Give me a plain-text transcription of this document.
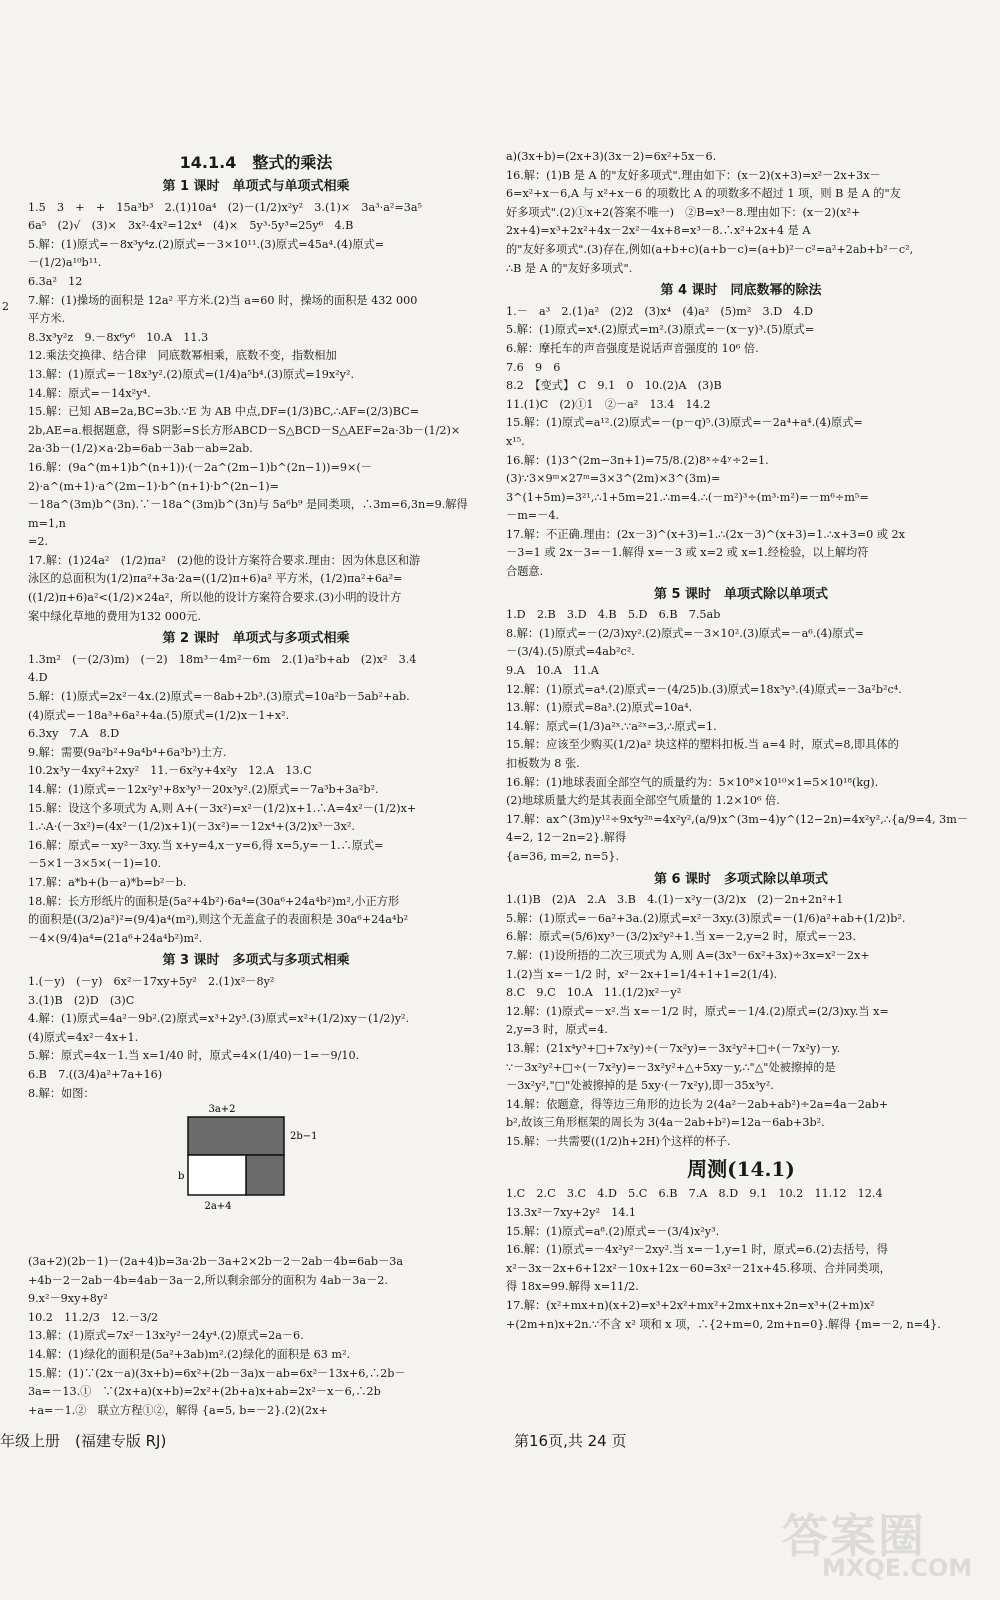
2
14.1.4　整式的乘法
第 1 课时　单项式与单项式相乘
1.5　3　+　+　15a³b³　2.(1)10a⁴　(2)－(1/2)x²y²　3.(1)×　3a³·a²=3a⁵
6a⁵　(2)√　(3)×　3x²·4x²=12x⁴　(4)×　5y³·5y³=25y⁶　4.B
5.解：(1)原式=－8x³y⁴z.(2)原式=－3×10¹¹.(3)原式=45a⁴.(4)原式=
－(1/2)a¹⁰b¹¹.
6.3a²　12
7.解：(1)操场的面积是 12a² 平方米.(2)当 a=60 时，操场的面积是 432 000
平方米.
8.3x³y²z　9.－8x⁶y⁶　10.A　11.3
12.乘法交换律、结合律　同底数幂相乘，底数不变，指数相加
13.解：(1)原式=－18x³y².(2)原式=(1/4)a⁵b⁴.(3)原式=19x²y².
14.解：原式=－14x²y⁴.
15.解：已知 AB=2a,BC=3b.∵E 为 AB 中点,DF=(1/3)BC,∴AF=(2/3)BC=
2b,AE=a.根据题意，得 S阴影=S长方形ABCD－S△BCD－S△AEF=2a·3b－(1/2)×
2a·3b－(1/2)×a·2b=6ab－3ab－ab=2ab.
16.解：(9a^(m+1)b^(n+1))·(－2a^(2m−1)b^(2n−1))=9×(－2)·a^(m+1)·a^(2m−1)·b^(n+1)·b^(2n−1)=
－18a^(3m)b^(3n).∵－18a^(3m)b^(3n)与 5a⁶b⁹ 是同类项，∴3m=6,3n=9.解得 m=1,n
=2.
17.解：(1)24a²　(1/2)πa²　(2)他的设计方案符合要求.理由：因为休息区和游
泳区的总面积为(1/2)πa²+3a·2a=((1/2)π+6)a² 平方米，(1/2)πa²+6a²=
((1/2)π+6)a²<(1/2)×24a²，所以他的设计方案符合要求.(3)小明的设计方
案中绿化草地的费用为132 000元.
第 2 课时　单项式与多项式相乘
1.3m²　(－(2/3)m)　(－2)　18m³－4m²－6m　2.(1)a²b+ab　(2)x²　3.4
4.D
5.解：(1)原式=2x²－4x.(2)原式=－8ab+2b³.(3)原式=10a²b－5ab²+ab.
(4)原式=－18a³+6a²+4a.(5)原式=(1/2)x－1+x².
6.3xy　7.A　8.D
9.解：需要(9a²b²+9a⁴b⁴+6a³b³)土方.
10.2x³y－4xy²+2xy²　11.－6x²y+4x²y　12.A　13.C
14.解：(1)原式=－12x²y³+8x³y³－20x³y².(2)原式=－7a³b+3a²b².
15.解：设这个多项式为 A,则 A+(－3x²)=x²－(1/2)x+1.∴A=4x²－(1/2)x+
1.∴A·(－3x²)=(4x²－(1/2)x+1)(－3x²)=－12x⁴+(3/2)x³－3x².
16.解：原式=－xy²－3xy.当 x+y=4,x－y=6,得 x=5,y=－1.∴原式=
－5×1－3×5×(－1)=10.
17.解：a*b+(b－a)*b=b²－b.
18.解：长方形纸片的面积是(5a²+4b²)·6a⁴=(30a⁶+24a⁴b²)m²,小正方形
的面积是((3/2)a²)²=(9/4)a⁴(m²),则这个无盖盒子的表面积是 30a⁶+24a⁴b²
－4×(9/4)a⁴=(21a⁶+24a⁴b²)m².
第 3 课时　多项式与多项式相乘
1.(－y)　(－y)　6x²－17xy+5y²　2.(1)x²－8y²
3.(1)B　(2)D　(3)C
4.解：(1)原式=4a²－9b².(2)原式=x³+2y³.(3)原式=x²+(1/2)xy－(1/2)y².
(4)原式=4x²－4x+1.
5.解：原式=4x－1.当 x=1/40 时，原式=4×(1/40)－1=－9/10.
6.B　7.((3/4)a²+7a+16)
8.解：如图：
3a+2
2b−1
b
2a+4
(3a+2)(2b－1)－(2a+4)b=3a·2b－3a+2×2b－2－2ab－4b=6ab－3a
+4b－2－2ab－4b=4ab－3a－2,所以剩余部分的面积为 4ab－3a－2.
9.x²－9xy+8y²
10.2　11.2/3　12.－3/2
13.解：(1)原式=7x²－13x²y²－24y⁴.(2)原式=2a－6.
14.解：(1)绿化的面积是(5a²+3ab)m².(2)绿化的面积是 63 m².
15.解：(1)∵(2x－a)(3x+b)=6x²+(2b－3a)x－ab=6x²－13x+6,∴2b－
3a=－13.①　∵(2x+a)(x+b)=2x²+(2b+a)x+ab=2x²－x－6,∴2b
+a=－1.②　联立方程①②，解得 {a=5, b=－2}.(2)(2x+
a)(3x+b)=(2x+3)(3x－2)=6x²+5x－6.
16.解：(1)B 是 A 的"友好多项式".理由如下：(x－2)(x+3)=x²－2x+3x－
6=x²+x－6,A 与 x²+x－6 的项数比 A 的项数多不超过 1 项，则 B 是 A 的"友
好多项式".(2)①x+2(答案不唯一)　②B=x³－8.理由如下：(x－2)(x²+
2x+4)=x³+2x²+4x－2x²－4x+8=x³－8.∴x²+2x+4 是 A
的"友好多项式".(3)存在,例如(a+b+c)(a+b－c)=(a+b)²－c²=a²+2ab+b²－c²,
∴B 是 A 的"友好多项式".
第 4 课时　同底数幂的除法
1.－　a³　2.(1)a²　(2)2　(3)x⁴　(4)a²　(5)m²　3.D　4.D
5.解：(1)原式=x⁴.(2)原式=m².(3)原式=－(x－y)³.(5)原式=
6.解：摩托车的声音强度是说话声音强度的 10⁶ 倍.
7.6　9　6
8.2　【变式】 C　9.1　0　10.(2)A　(3)B
11.(1)C　(2)①1　②－a²　13.4　14.2
15.解：(1)原式=a¹².(2)原式=－(p－q)⁵.(3)原式=－2a⁴+a⁴.(4)原式=
x¹⁵.
16.解：(1)3^(2m−3n+1)=75/8.(2)8ˣ÷4ʸ÷2=1.(3)∵3×9ᵐ×27ᵐ=3×3^(2m)×3^(3m)=
3^(1+5m)=3²¹,∴1+5m=21.∴m=4.∴(－m²)³÷(m³·m²)=－m⁶÷m⁵=
－m=－4.
17.解：不正确.理由：(2x－3)^(x+3)=1.∴(2x－3)^(x+3)=1.∴x+3=0 或 2x
－3=1 或 2x－3=－1.解得 x=－3 或 x=2 或 x=1.经检验，以上解均符
合题意.
第 5 课时　单项式除以单项式
1.D　2.B　3.D　4.B　5.D　6.B　7.5ab
8.解：(1)原式=－(2/3)xy².(2)原式=－3×10².(3)原式=－a⁶.(4)原式=
－(3/4).(5)原式=4ab²c².
9.A　10.A　11.A
12.解：(1)原式=a⁴.(2)原式=－(4/25)b.(3)原式=18x³y³.(4)原式=－3a²b²c⁴.
13.解：(1)原式=8a³.(2)原式=10a⁴.
14.解：原式=(1/3)a²ˣ.∵a²ˣ=3,∴原式=1.
15.解：应该至少购买(1/2)a² 块这样的塑料扣板.当 a=4 时，原式=8,即具体的
扣板数为 8 张.
16.解：(1)地球表面全部空气的质量约为：5×10⁸×10¹⁰×1=5×10¹⁸(kg).
(2)地球质量大约是其表面全部空气质量的 1.2×10⁶ 倍.
17.解：ax^(3m)y¹²÷9x⁴y²ⁿ=4x²y²,(a/9)x^(3m−4)y^(12−2n)=4x²y²,∴{a/9=4, 3m－4=2, 12－2n=2}.解得
{a=36, m=2, n=5}.
第 6 课时　多项式除以单项式
1.(1)B　(2)A　2.A　3.B　4.(1)－x²y－(3/2)x　(2)－2n+2n²+1
5.解：(1)原式=－6a²+3a.(2)原式=x²－3xy.(3)原式=－(1/6)a²+ab+(1/2)b².
6.解：原式=(5/6)xy³－(3/2)x²y²+1.当 x=－2,y=2 时，原式=－23.
7.解：(1)设所捂的二次三项式为 A,则 A=(3x³－6x²+3x)÷3x=x²－2x+
1.(2)当 x=－1/2 时，x²－2x+1=1/4+1+1=2(1/4).
8.C　9.C　10.A　11.(1/2)x²－y²
12.解：(1)原式=－x².当 x=－1/2 时，原式=－1/4.(2)原式=(2/3)xy.当 x=
2,y=3 时，原式=4.
13.解：(21x⁴y³+□+7x²y)÷(－7x²y)=－3x²y²+□÷(－7x²y)－y.
∵－3x²y²+□÷(－7x²y)=－3x²y²+△+5xy－y,∴"△"处被擦掉的是
－3x²y²,"□"处被擦掉的是 5xy·(－7x²y),即－35x³y².
14.解：依题意，得等边三角形的边长为 2(4a²－2ab+ab²)÷2a=4a－2ab+
b²,故该三角形框架的周长为 3(4a－2ab+b²)=12a－6ab+3b².
15.解：一共需要((1/2)h+2H)个这样的杯子.
周测(14.1)
1.C　2.C　3.C　4.D　5.C　6.B　7.A　8.D　9.1　10.2　11.12　12.4
13.3x²－7xy+2y²　14.1
15.解：(1)原式=a⁸.(2)原式=－(3/4)x²y³.
16.解：(1)原式=－4x²y²－2xy².当 x=－1,y=1 时，原式=6.(2)去括号，得
x²－3x－2x+6+12x²－10x+12x－60=3x²－21x+45.移项、合并同类项，
得 18x=99.解得 x=11/2.
17.解：(x²+mx+n)(x+2)=x³+2x²+mx²+2mx+nx+2n=x³+(2+m)x²
+(2m+n)x+2n.∵不含 x² 项和 x 项，∴{2+m=0, 2m+n=0}.解得 {m=－2, n=4}.
年级上册　(福建专版 RJ)	第16页,共 24 页
答案圈
MXQE.COM
